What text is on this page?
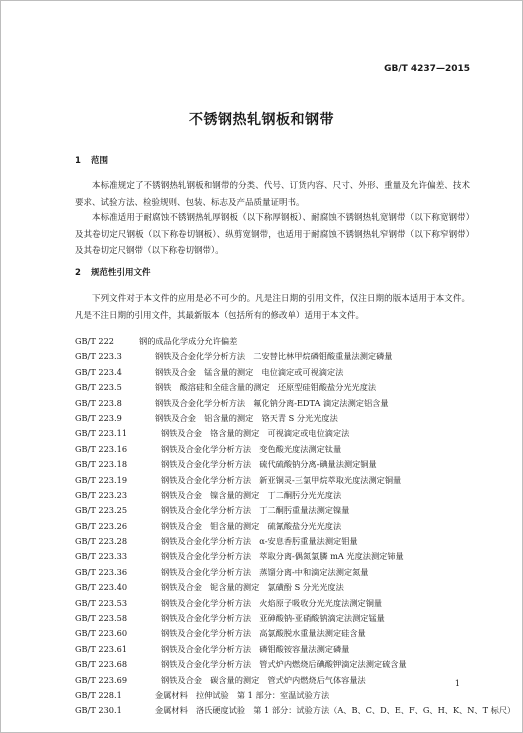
GB/T 4237—2015
不锈钢热轧钢板和钢带
1 范围
本标准规定了不锈钢热轧钢板和钢带的分类、代号、订货内容、尺寸、外形、重量及允许偏差、技术要求、试验方法、检验规则、包装、标志及产品质量证明书。
本标准适用于耐腐蚀不锈钢热轧厚钢板（以下称厚钢板）、耐腐蚀不锈钢热轧宽钢带（以下称宽钢带）及其卷切定尺钢板（以下称卷切钢板）、纵剪宽钢带，也适用于耐腐蚀不锈钢热轧窄钢带（以下称窄钢带）及其卷切定尺钢带（以下称卷切钢带）。
2 规范性引用文件
下列文件对于本文件的应用是必不可少的。凡是注日期的引用文件，仅注日期的版本适用于本文件。凡是不注日期的引用文件，其最新版本（包括所有的修改单）适用于本文件。
GB/T 222	钢的成品化学成分允许偏差
GB/T 223.3	钢铁及合金化学分析方法　二安替比林甲烷磷钼酸重量法测定磷量
GB/T 223.4	钢铁及合金　锰含量的测定　电位滴定或可视滴定法
GB/T 223.5	钢铁　酸溶硅和全硅含量的测定　还原型硅钼酸盐分光光度法
GB/T 223.8	钢铁及合金化学分析方法　氟化钠分离-EDTA 滴定法测定铝含量
GB/T 223.9	钢铁及合金　铝含量的测定　铬天青 S 分光光度法
GB/T 223.11	钢铁及合金　铬含量的测定　可视滴定或电位滴定法
GB/T 223.16	钢铁及合金化学分析方法　变色酸光度法测定钛量
GB/T 223.18	钢铁及合金化学分析方法　硫代硫酸钠分离-碘量法测定铜量
GB/T 223.19	钢铁及合金化学分析方法　新亚铜灵-三氯甲烷萃取光度法测定铜量
GB/T 223.23	钢铁及合金　镍含量的测定　丁二酮肟分光光度法
GB/T 223.25	钢铁及合金化学分析方法　丁二酮肟重量法测定镍量
GB/T 223.26	钢铁及合金　钼含量的测定　硫氰酸盐分光光度法
GB/T 223.28	钢铁及合金化学分析方法　α-安息香肟重量法测定钼量
GB/T 223.33	钢铁及合金化学分析方法　萃取分离-偶氮氯膦 mA 光度法测定铈量
GB/T 223.36	钢铁及合金化学分析方法　蒸馏分离-中和滴定法测定氮量
GB/T 223.40	钢铁及合金　铌含量的测定　氯磺酚 S 分光光度法
GB/T 223.53	钢铁及合金化学分析方法　火焰原子吸收分光光度法测定铜量
GB/T 223.58	钢铁及合金化学分析方法　亚砷酸钠-亚硝酸钠滴定法测定锰量
GB/T 223.60	钢铁及合金化学分析方法　高氯酸脱水重量法测定硅含量
GB/T 223.61	钢铁及合金化学分析方法　磷钼酸铵容量法测定磷量
GB/T 223.68	钢铁及合金化学分析方法　管式炉内燃烧后碘酸钾滴定法测定硫含量
GB/T 223.69	钢铁及合金　碳含量的测定　管式炉内燃烧后气体容量法
GB/T 228.1	金属材料　拉伸试验　第 1 部分：室温试验方法
GB/T 230.1	金属材料　洛氏硬度试验　第 1 部分：试验方法（A、B、C、D、E、F、G、H、K、N、T 标尺）
1
